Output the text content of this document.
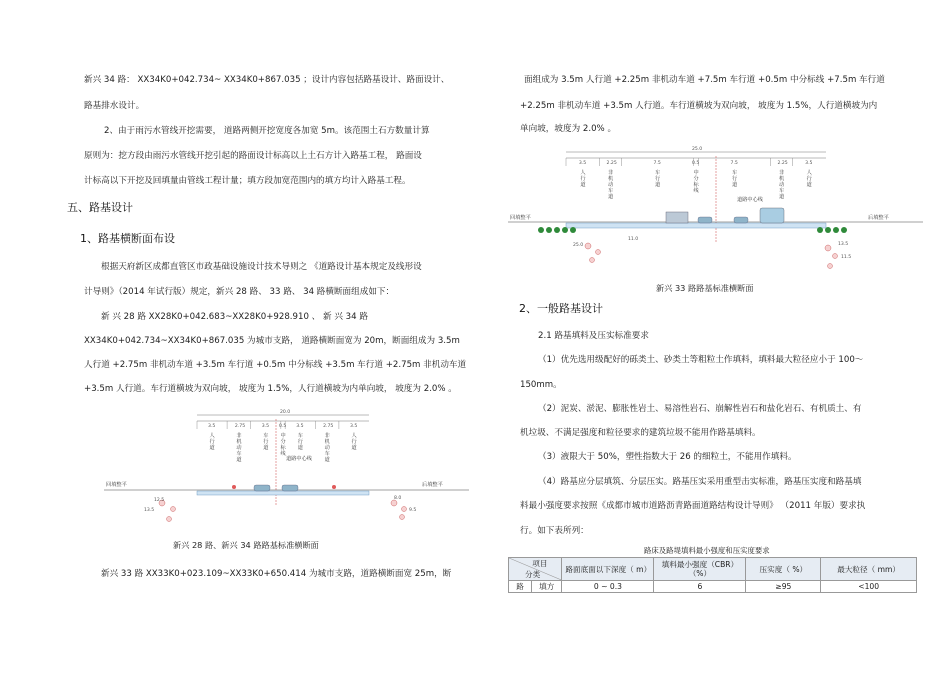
新兴 34 路： XX34K0+042.734~ XX34K0+867.035 ；设计内容包括路基设计、路面设计、
路基排水设计。
2、由于雨污水管线开挖需要， 道路两侧开挖宽度各加宽 5m。该范围土石方数量计算
原则为：挖方段由雨污水管线开挖引起的路面设计标高以上土石方计入路基工程， 路面设
计标高以下开挖及回填量由管线工程计量；填方段加宽范围内的填方均计入路基工程。
五、路基设计
1、路基横断面布设
根据天府新区成都直管区市政基础设施设计技术导则之 《道路设计基本规定及线形设
计导则》（2014 年试行版）规定，新兴 28 路、 33 路、 34 路横断面组成如下：
新 兴 28 路 XX28K0+042.683~XX28K0+928.910 、 新 兴 34 路
XX34K0+042.734~XX34K0+867.035 为城市支路， 道路横断面宽为 20m，断面组成为 3.5m
人行道 +2.75m 非机动车道 +3.5m 车行道 +0.5m 中分标线 +3.5m 车行道 +2.75m 非机动车道
+3.5m 人行道。车行道横坡为双向坡， 坡度为 1.5%，人行道横坡为内单向坡， 坡度为 2.0% 。
20.0
3.5	2.75	3.5 0.5 3.5	2.75	3.5
人
行
道
非
机
动
车
道
车
行
道
中
分
标
线
车
行
道
非
机
动
车
道
人
行
道
道路中心线
回填整平	后填整平
12.5
13.5
8.0
9.5
新兴 28 路、新兴 34 路路基标准横断面
新兴 33 路 XX33K0+023.109~XX33K0+650.414 为城市支路，道路横断面宽 25m，断
面组成为 3.5m 人行道 +2.25m 非机动车道 +7.5m 车行道 +0.5m 中分标线 +7.5m 车行道
+2.25m 非机动车道 +3.5m 人行道。车行道横坡为双向坡， 坡度为 1.5%，人行道横坡为内
单向坡，坡度为 2.0% 。
25.0
3.5	2.25	7.5	0.5	7.5	2.25	3.5
人
行
道
非
机
动
车
道
车
行
道
中
分
标
线
车
行
道
非
机
动
车
道
人
行
道
道路中心线
回填整平	后填整平
25.0
11.0
13.5
11.5
新兴 33 路路基标准横断面
2、一般路基设计
2.1 路基填料及压实标准要求
（1）优先选用级配好的砾类土、砂类土等粗粒土作填料，填料最大粒径应小于 100～
150mm。
（2）泥炭、淤泥、膨胀性岩土、易溶性岩石、崩解性岩石和盐化岩石、有机质土、有
机垃圾、不满足强度和粒径要求的建筑垃圾不能用作路基填料。
（3）液限大于 50%，塑性指数大于 26 的细粒土，不能用作填料。
（4）路基应分层填筑、分层压实。路基压实采用重型击实标准，路基压实度和路基填
料最小强度要求按照《成都市城市道路沥青路面道路结构设计导则》 （2011 年版）要求执
行。如下表所列：
路床及路堤填料最小强度和压实度要求
项目
分类		路面底面以下深度（ m）	填料最小强度（CBR）（%）	压实度（ %）	最大粒径（ mm）
路	填方	0 ~ 0.3	6	≥95	<100
